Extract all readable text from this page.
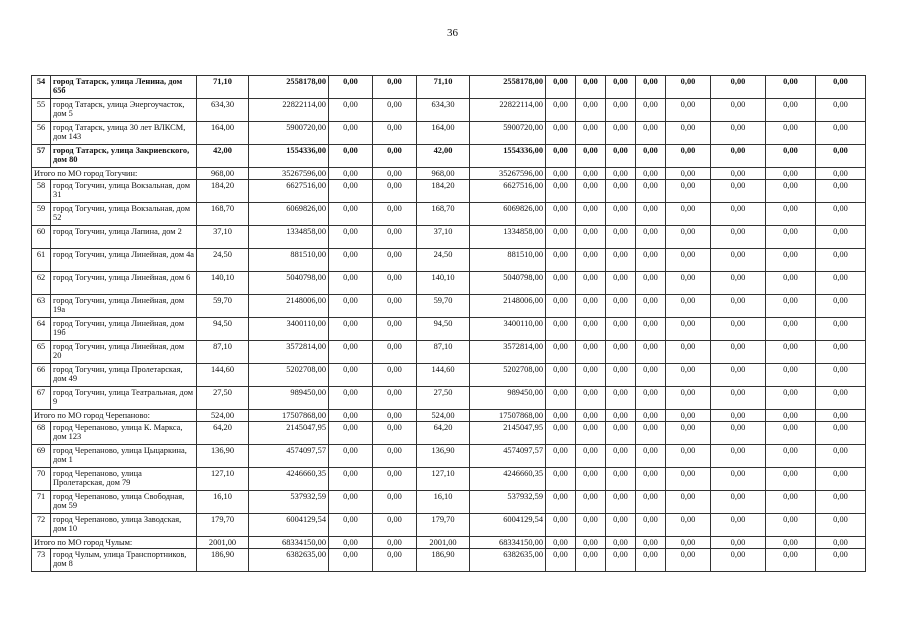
36
54	город Татарск, улица Ленина, дом 65б	71,10	2558178,00	0,00	0,00	71,10	2558178,00	0,00	0,00	0,00	0,00	0,00	0,00	0,00	0,00
55	город Татарск, улица Энергоучасток, дом 5	634,30	22822114,00	0,00	0,00	634,30	22822114,00	0,00	0,00	0,00	0,00	0,00	0,00	0,00	0,00
56	город Татарск, улица 30 лет ВЛКСМ, дом 143	164,00	5900720,00	0,00	0,00	164,00	5900720,00	0,00	0,00	0,00	0,00	0,00	0,00	0,00	0,00
57	город Татарск, улица Закриевского, дом 80	42,00	1554336,00	0,00	0,00	42,00	1554336,00	0,00	0,00	0,00	0,00	0,00	0,00	0,00	0,00
Итого по МО город Тогучин:		968,00	35267596,00	0,00	0,00	968,00	35267596,00	0,00	0,00	0,00	0,00	0,00	0,00	0,00	0,00
58	город Тогучин, улица Вокзальная, дом 31	184,20	6627516,00	0,00	0,00	184,20	6627516,00	0,00	0,00	0,00	0,00	0,00	0,00	0,00	0,00
59	город Тогучин, улица Вокзальная, дом 52	168,70	6069826,00	0,00	0,00	168,70	6069826,00	0,00	0,00	0,00	0,00	0,00	0,00	0,00	0,00
60	город Тогучин, улица Лапина, дом 2	37,10	1334858,00	0,00	0,00	37,10	1334858,00	0,00	0,00	0,00	0,00	0,00	0,00	0,00	0,00
61	город Тогучин, улица Линейная, дом 4а	24,50	881510,00	0,00	0,00	24,50	881510,00	0,00	0,00	0,00	0,00	0,00	0,00	0,00	0,00
62	город Тогучин, улица Линейная, дом 6	140,10	5040798,00	0,00	0,00	140,10	5040798,00	0,00	0,00	0,00	0,00	0,00	0,00	0,00	0,00
63	город Тогучин, улица Линейная, дом 19а	59,70	2148006,00	0,00	0,00	59,70	2148006,00	0,00	0,00	0,00	0,00	0,00	0,00	0,00	0,00
64	город Тогучин, улица Линейная, дом 19б	94,50	3400110,00	0,00	0,00	94,50	3400110,00	0,00	0,00	0,00	0,00	0,00	0,00	0,00	0,00
65	город Тогучин, улица Линейная, дом 20	87,10	3572814,00	0,00	0,00	87,10	3572814,00	0,00	0,00	0,00	0,00	0,00	0,00	0,00	0,00
66	город Тогучин, улица Пролетарская, дом 49	144,60	5202708,00	0,00	0,00	144,60	5202708,00	0,00	0,00	0,00	0,00	0,00	0,00	0,00	0,00
67	город Тогучин, улица Театральная, дом 9	27,50	989450,00	0,00	0,00	27,50	989450,00	0,00	0,00	0,00	0,00	0,00	0,00	0,00	0,00
Итого по МО город Черепаново:		524,00	17507868,00	0,00	0,00	524,00	17507868,00	0,00	0,00	0,00	0,00	0,00	0,00	0,00	0,00
68	город Черепаново, улица К. Маркса, дом 123	64,20	2145047,95	0,00	0,00	64,20	2145047,95	0,00	0,00	0,00	0,00	0,00	0,00	0,00	0,00
69	город Черепаново, улица Цыцаркина, дом 1	136,90	4574097,57	0,00	0,00	136,90	4574097,57	0,00	0,00	0,00	0,00	0,00	0,00	0,00	0,00
70	город Черепаново, улица Пролетарская, дом 79	127,10	4246660,35	0,00	0,00	127,10	4246660,35	0,00	0,00	0,00	0,00	0,00	0,00	0,00	0,00
71	город Черепаново, улица Свободная, дом 59	16,10	537932,59	0,00	0,00	16,10	537932,59	0,00	0,00	0,00	0,00	0,00	0,00	0,00	0,00
72	город Черепаново, улица Заводская, дом 10	179,70	6004129,54	0,00	0,00	179,70	6004129,54	0,00	0,00	0,00	0,00	0,00	0,00	0,00	0,00
Итого по МО город Чулым:		2001,00	68334150,00	0,00	0,00	2001,00	68334150,00	0,00	0,00	0,00	0,00	0,00	0,00	0,00	0,00
73	город Чулым, улица Транспортников, дом 8	186,90	6382635,00	0,00	0,00	186,90	6382635,00	0,00	0,00	0,00	0,00	0,00	0,00	0,00	0,00
